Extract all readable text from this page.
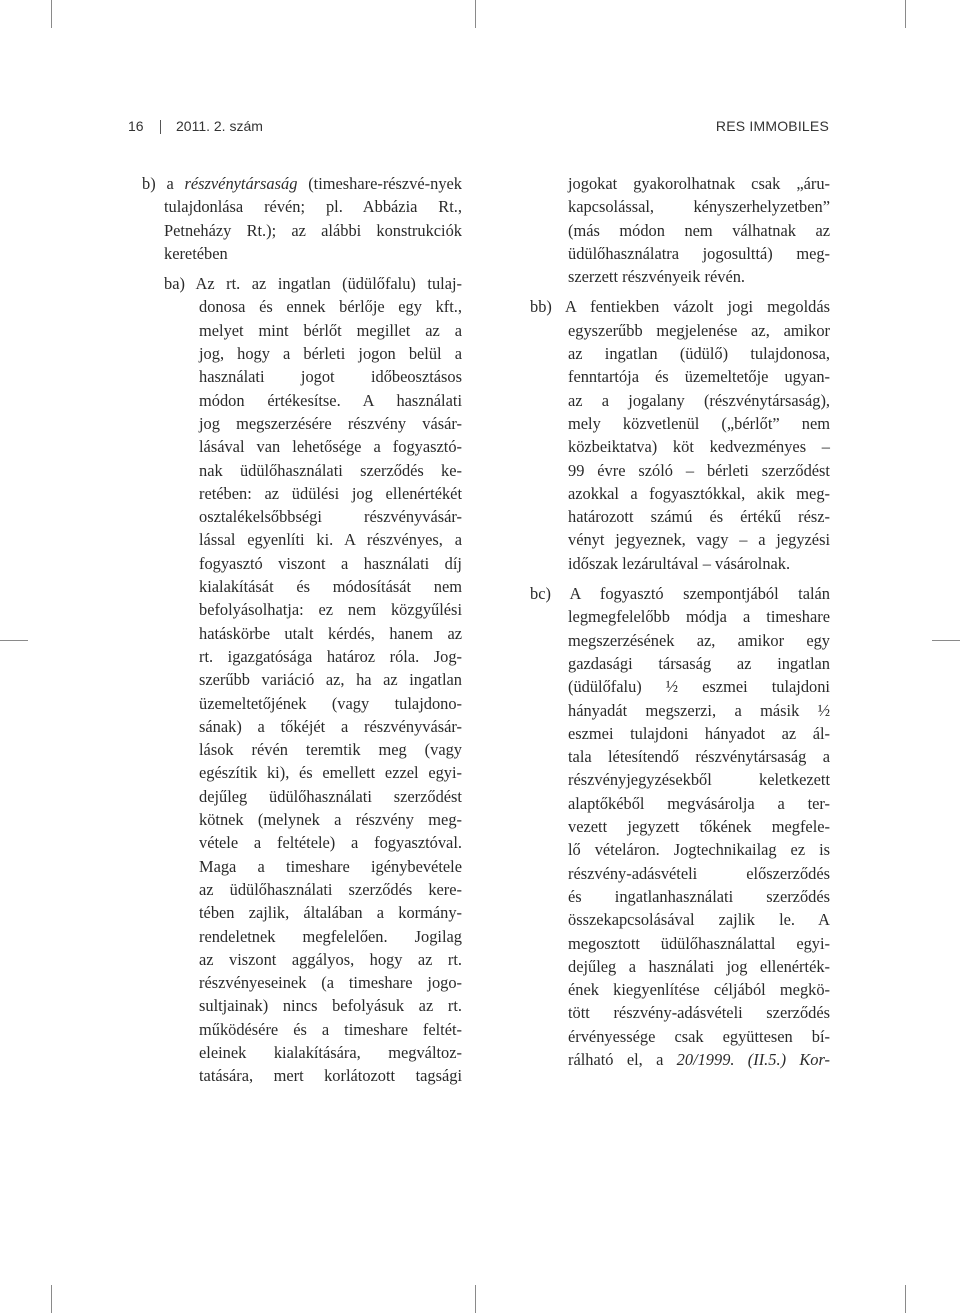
16 2011. 2. szám	RES IMMOBILES
b) a részvénytársaság (timeshare-részvé-nyek
tulajdonlása révén; pl. Abbázia Rt.,
Petneházy Rt.); az alábbi konstrukciók
keretében
ba) Az rt. az ingatlan (üdülőfalu) tulaj-
donosa és ennek bérlője egy kft.,
melyet mint bérlőt megillet az a
jog, hogy a bérleti jogon belül a
használati jogot időbeosztásos
módon értékesítse. A használati
jog megszerzésére részvény vásár-
lásával van lehetősége a fogyasztó-
nak üdülőhasználati szerződés ke-
retében: az üdülési jog ellenértékét
osztalékelsőbbségi részvényvásár-
lással egyenlíti ki. A részvényes, a
fogyasztó viszont a használati díj
kialakítását és módosítását nem
befolyásolhatja: ez nem közgyűlési
hatáskörbe utalt kérdés, hanem az
rt. igazgatósága határoz róla. Jog-
szerűbb variáció az, ha az ingatlan
üzemeltetőjének (vagy tulajdono-
sának) a tőkéjét a részvényvásár-
lások révén teremtik meg (vagy
egészítik ki), és emellett ezzel egyi-
dejűleg üdülőhasználati szerződést
kötnek (melynek a részvény meg-
vétele a feltétele) a fogyasztóval.
Maga a timeshare igénybevétele
az üdülőhasználati szerződés kere-
tében zajlik, általában a kormány-
rendeletnek megfelelően. Jogilag
az viszont aggályos, hogy az rt.
részvényeseinek (a timeshare jogo-
sultjainak) nincs befolyásuk az rt.
működésére és a timeshare feltét-
eleinek kialakítására, megváltoz-
tatására, mert korlátozott tagsági
jogokat gyakorolhatnak csak „áru-
kapcsolással, kényszerhelyzetben”
(más módon nem válhatnak az
üdülőhasználatra jogosulttá) meg-
szerzett részvényeik révén.
bb) A fentiekben vázolt jogi megoldás
egyszerűbb megjelenése az, amikor
az ingatlan (üdülő) tulajdonosa,
fenntartója és üzemeltetője ugyan-
az a jogalany (részvénytársaság),
mely közvetlenül („bérlőt” nem
közbeiktatva) köt kedvezményes –
99 évre szóló – bérleti szerződést
azokkal a fogyasztókkal, akik meg-
határozott számú és értékű rész-
vényt jegyeznek, vagy – a jegyzési
időszak lezárultával – vásárolnak.
bc) A fogyasztó szempontjából talán
legmegfelelőbb módja a timeshare
megszerzésének az, amikor egy
gazdasági társaság az ingatlan
(üdülőfalu) ½ eszmei tulajdoni
hányadát megszerzi, a másik ½
eszmei tulajdoni hányadot az ál-
tala létesítendő részvénytársaság a
részvényjegyzésekből keletkezett
alaptőkéből megvásárolja a ter-
vezett jegyzett tőkének megfele-
lő vételáron. Jogtechnikailag ez is
részvény-adásvételi előszerződés
és ingatlanhasználati szerződés
összekapcsolásával zajlik le. A
megosztott üdülőhasználattal egyi-
dejűleg a használati jog ellenérték-
ének kiegyenlítése céljából megkö-
tött részvény-adásvételi szerződés
érvényessége csak együttesen bí-
rálható el, a 20/1999. (II.5.) Kor-
